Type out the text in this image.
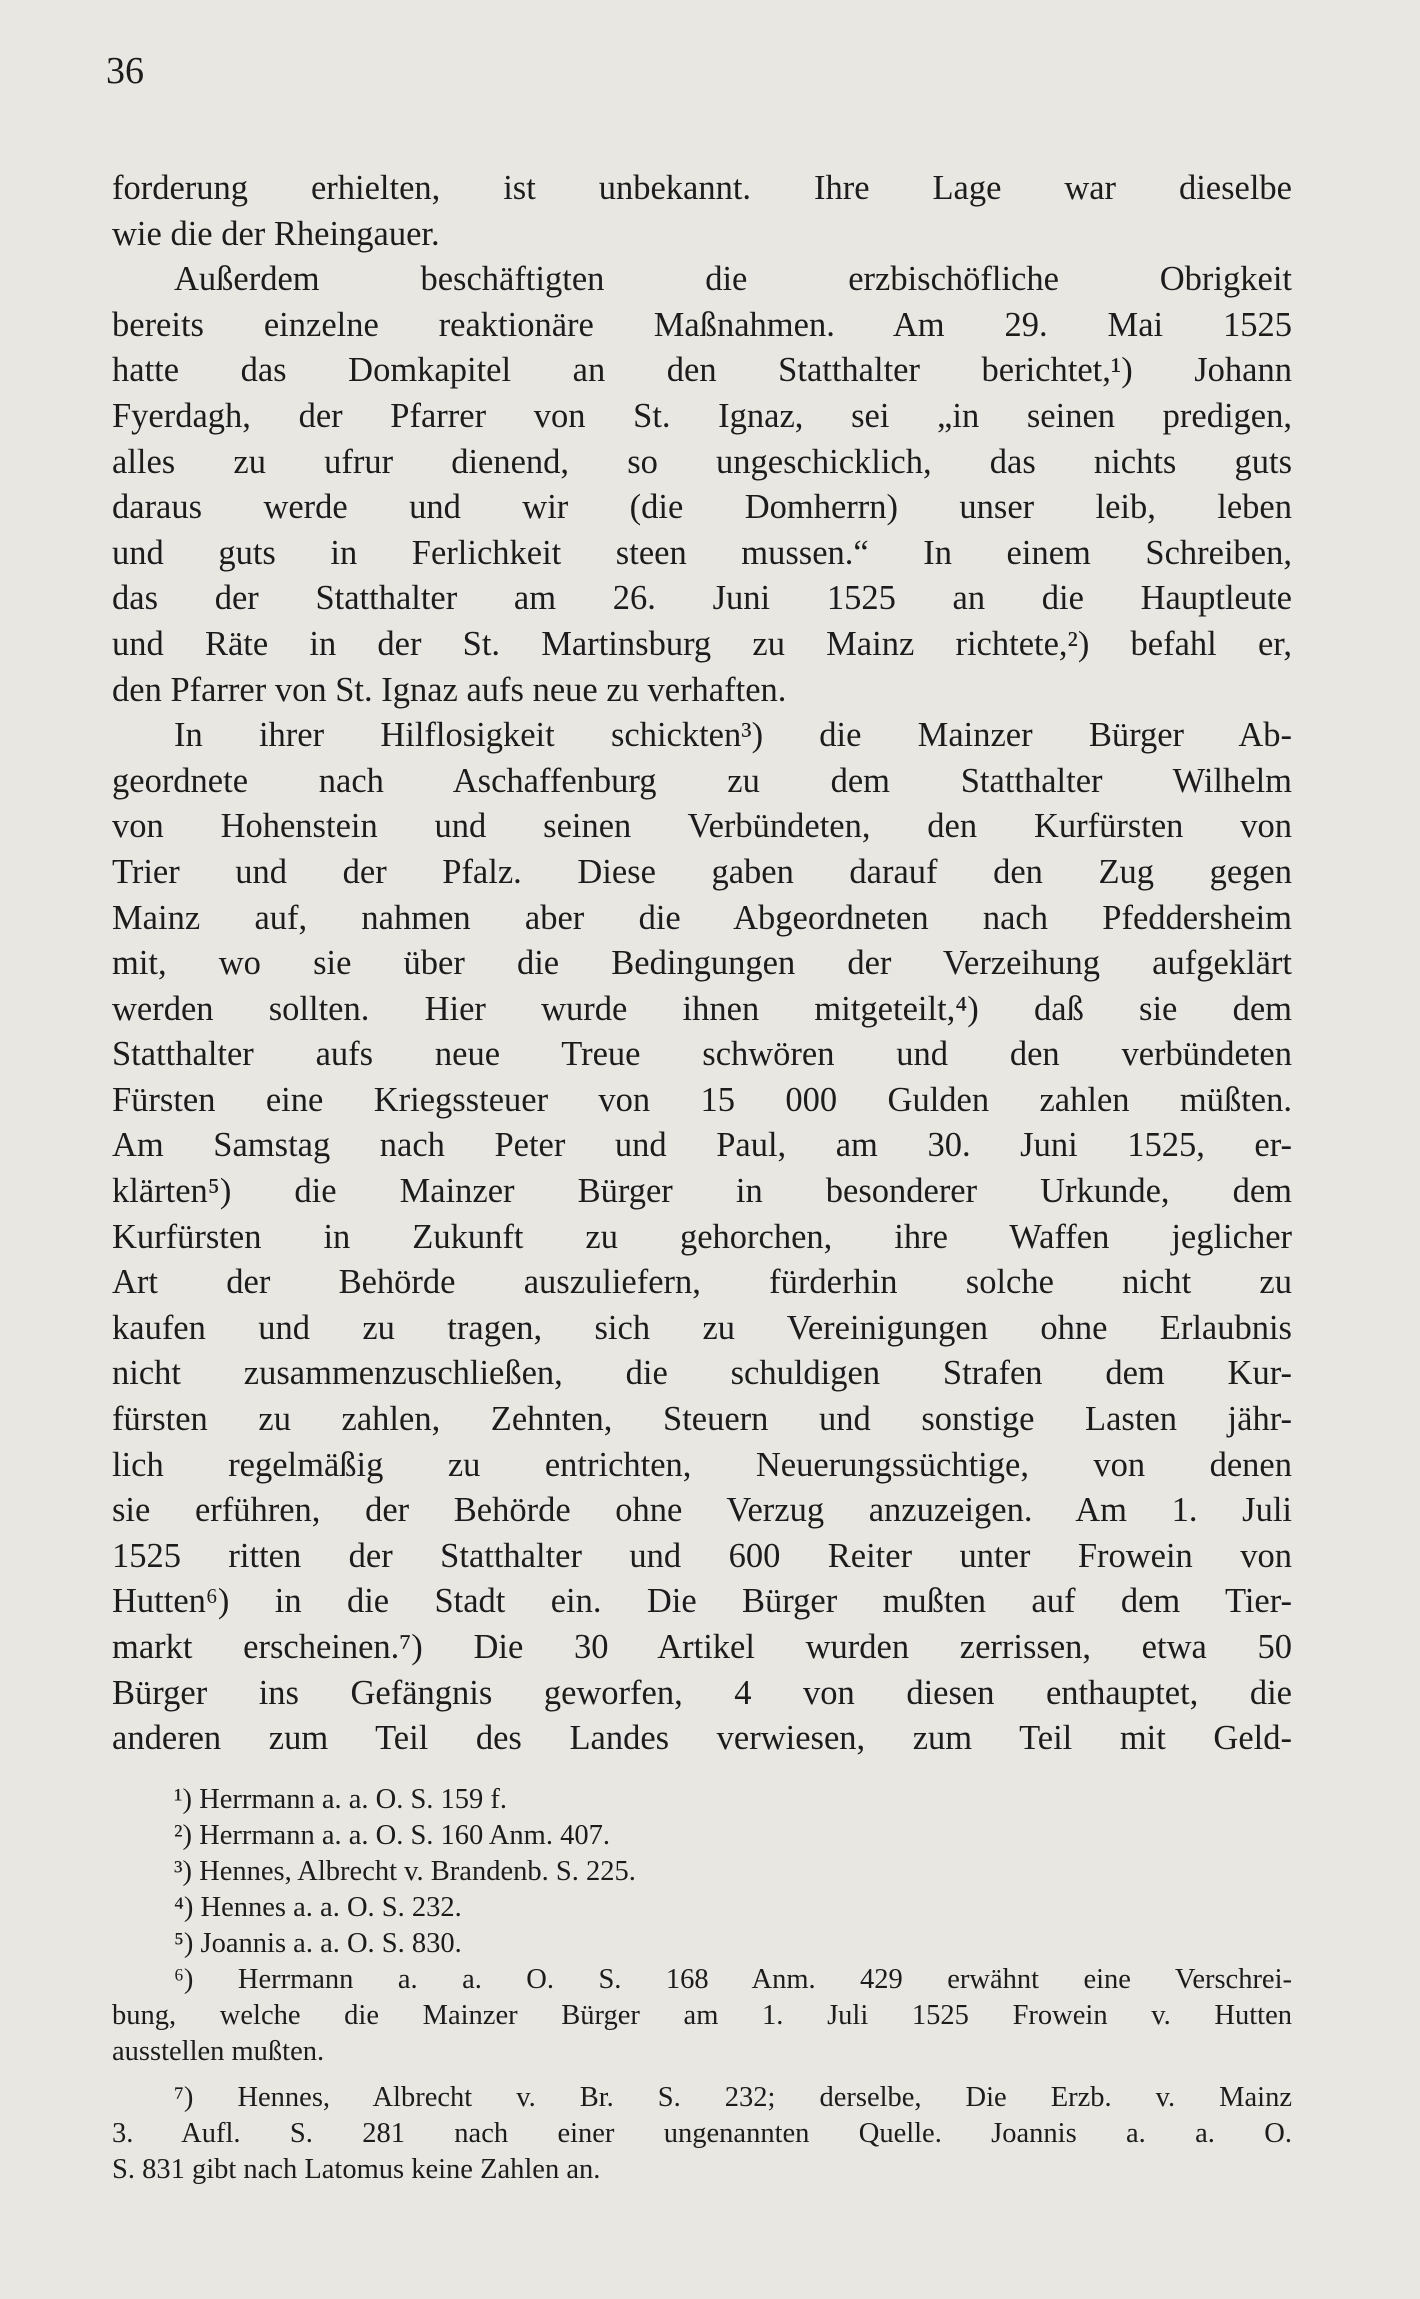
36
forderung erhielten, ist unbekannt. Ihre Lage war dieselbe
wie die der Rheingauer.
Außerdem beschäftigten die erzbischöfliche Obrigkeit
bereits einzelne reaktionäre Maßnahmen. Am 29. Mai 1525
hatte das Domkapitel an den Statthalter berichtet,¹) Johann
Fyerdagh, der Pfarrer von St. Ignaz, sei „in seinen predigen,
alles zu ufrur dienend, so ungeschicklich, das nichts guts
daraus werde und wir (die Domherrn) unser leib, leben
und guts in Ferlichkeit steen mussen.“ In einem Schreiben,
das der Statthalter am 26. Juni 1525 an die Hauptleute
und Räte in der St. Martinsburg zu Mainz richtete,²) befahl er,
den Pfarrer von St. Ignaz aufs neue zu verhaften.
In ihrer Hilflosigkeit schickten³) die Mainzer Bürger Ab-
geordnete nach Aschaffenburg zu dem Statthalter Wilhelm
von Hohenstein und seinen Verbündeten, den Kurfürsten von
Trier und der Pfalz. Diese gaben darauf den Zug gegen
Mainz auf, nahmen aber die Abgeordneten nach Pfeddersheim
mit, wo sie über die Bedingungen der Verzeihung aufgeklärt
werden sollten. Hier wurde ihnen mitgeteilt,⁴) daß sie dem
Statthalter aufs neue Treue schwören und den verbündeten
Fürsten eine Kriegssteuer von 15 000 Gulden zahlen müßten.
Am Samstag nach Peter und Paul, am 30. Juni 1525, er-
klärten⁵) die Mainzer Bürger in besonderer Urkunde, dem
Kurfürsten in Zukunft zu gehorchen, ihre Waffen jeglicher
Art der Behörde auszuliefern, fürderhin solche nicht zu
kaufen und zu tragen, sich zu Vereinigungen ohne Erlaubnis
nicht zusammenzuschließen, die schuldigen Strafen dem Kur-
fürsten zu zahlen, Zehnten, Steuern und sonstige Lasten jähr-
lich regelmäßig zu entrichten, Neuerungssüchtige, von denen
sie erführen, der Behörde ohne Verzug anzuzeigen. Am 1. Juli
1525 ritten der Statthalter und 600 Reiter unter Frowein von
Hutten⁶) in die Stadt ein. Die Bürger mußten auf dem Tier-
markt erscheinen.⁷) Die 30 Artikel wurden zerrissen, etwa 50
Bürger ins Gefängnis geworfen, 4 von diesen enthauptet, die
anderen zum Teil des Landes verwiesen, zum Teil mit Geld-
¹) Herrmann a. a. O. S. 159 f.
²) Herrmann a. a. O. S. 160 Anm. 407.
³) Hennes, Albrecht v. Brandenb. S. 225.
⁴) Hennes a. a. O. S. 232.
⁵) Joannis a. a. O. S. 830.
⁶) Herrmann a. a. O. S. 168 Anm. 429 erwähnt eine Verschrei-
bung, welche die Mainzer Bürger am 1. Juli 1525 Frowein v. Hutten
ausstellen mußten.
⁷) Hennes, Albrecht v. Br. S. 232; derselbe, Die Erzb. v. Mainz
3. Aufl. S. 281 nach einer ungenannten Quelle. Joannis a. a. O.
S. 831 gibt nach Latomus keine Zahlen an.
